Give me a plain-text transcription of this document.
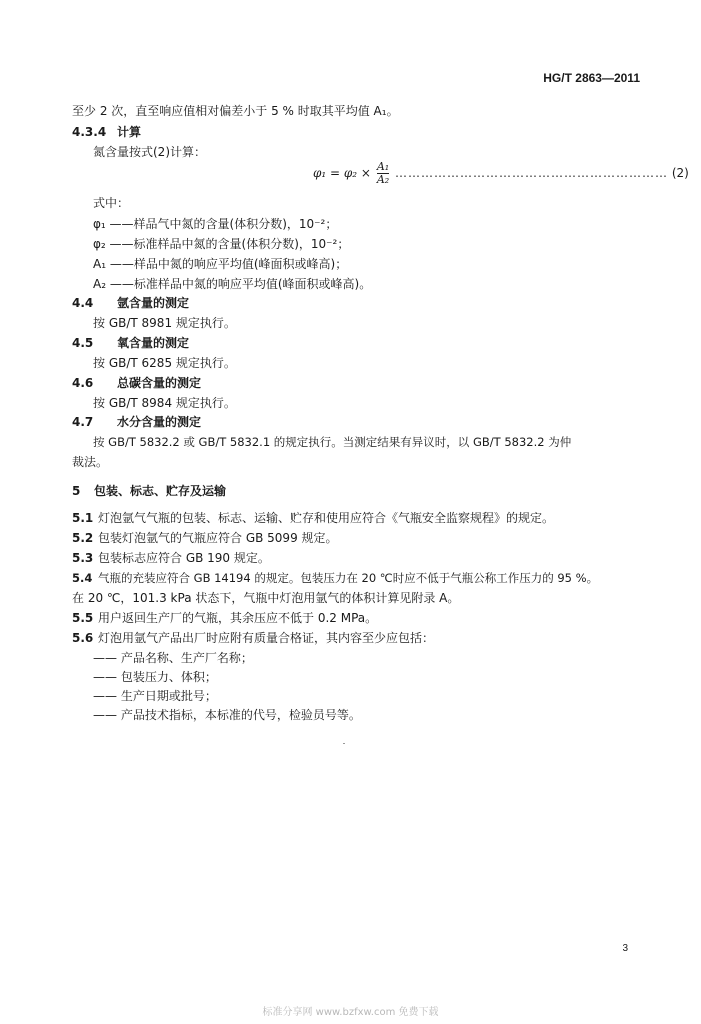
HG/T 2863—2011
至少 2 次，直至响应值相对偏差小于 5 % 时取其平均值 A₁。
4.3.4 计算
氮含量按式(2)计算：
$\varphi_1 = \varphi_2 \times \frac{\text{A₁}}{\text{A₂}}$ ……………………………………………………… (2)
式中：
φ₁ ——样品气中氮的含量(体积分数)，10⁻²；
φ₂ ——标准样品中氮的含量(体积分数)，10⁻²；
A₁ ——样品中氮的响应平均值(峰面积或峰高)；
A₂ ——标准样品中氮的响应平均值(峰面积或峰高)。
4.4 氩含量的测定
按 GB/T 8981 规定执行。
4.5 氧含量的测定
按 GB/T 6285 规定执行。
4.6 总碳含量的测定
按 GB/T 8984 规定执行。
4.7 水分含量的测定
按 GB/T 5832.2 或 GB/T 5832.1 的规定执行。当测定结果有异议时，以 GB/T 5832.2 为仲
裁法。
5 包装、标志、贮存及运输
5.1 灯泡氩气气瓶的包装、标志、运输、贮存和使用应符合《气瓶安全监察规程》的规定。
5.2 包装灯泡氩气的气瓶应符合 GB 5099 规定。
5.3 包装标志应符合 GB 190 规定。
5.4 气瓶的充装应符合 GB 14194 的规定。包装压力在 20 ℃时应不低于气瓶公称工作压力的 95 %。
在 20 ℃，101.3 kPa 状态下，气瓶中灯泡用氩气的体积计算见附录 A。
5.5 用户返回生产厂的气瓶，其余压应不低于 0.2 MPa。
5.6 灯泡用氩气产品出厂时应附有质量合格证，其内容至少应包括：
—— 产品名称、生产厂名称；
—— 包装压力、体积；
—— 生产日期或批号；
—— 产品技术指标，本标准的代号，检验员号等。
3
标准分享网 www.bzfxw.com 免费下载
